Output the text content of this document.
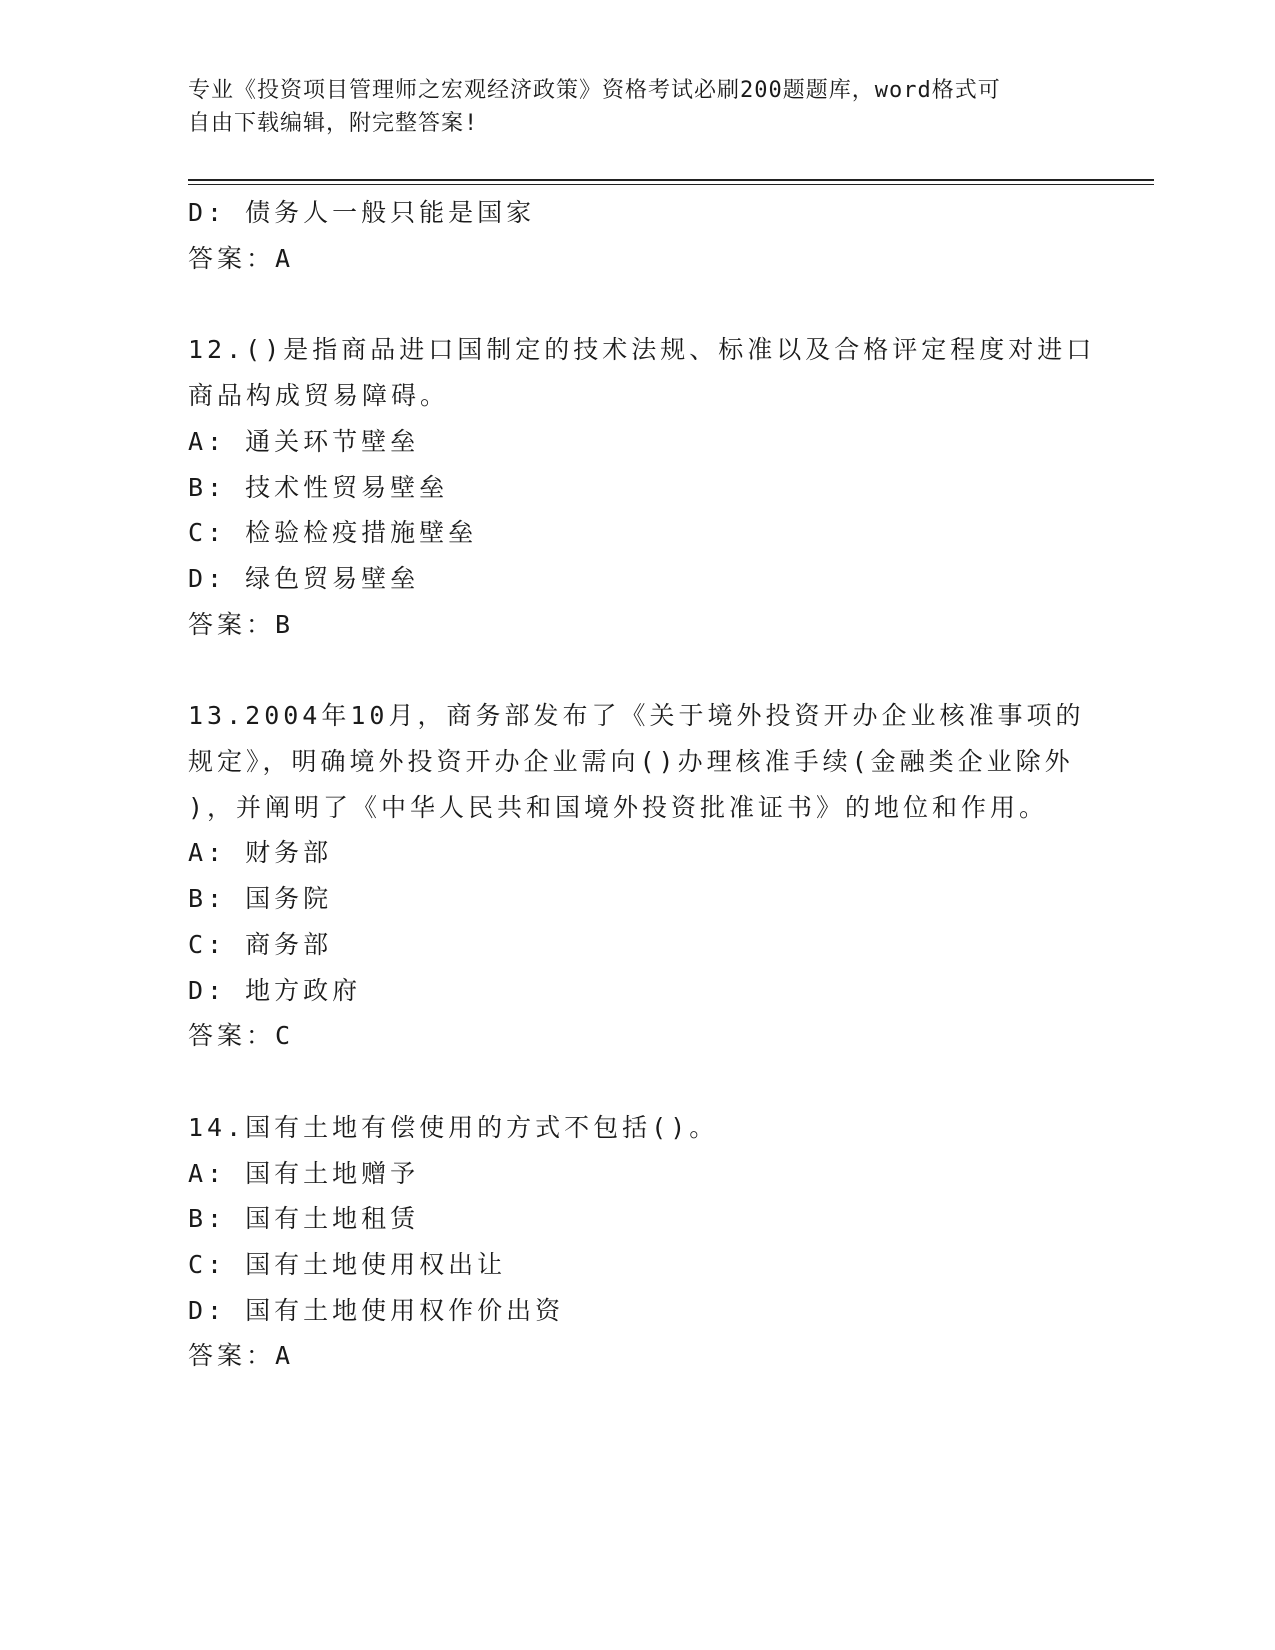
专业《投资项目管理师之宏观经济政策》资格考试必刷200题题库，word格式可
自由下载编辑，附完整答案!
D: 债务人一般只能是国家
答案：A
12.()是指商品进口国制定的技术法规、标准以及合格评定程度对进口
商品构成贸易障碍。
A: 通关环节壁垒
B: 技术性贸易壁垒
C: 检验检疫措施壁垒
D: 绿色贸易壁垒
答案：B
13.2004年10月，商务部发布了《关于境外投资开办企业核准事项的
规定》，明确境外投资开办企业需向()办理核准手续(金融类企业除外
)，并阐明了《中华人民共和国境外投资批准证书》的地位和作用。
A: 财务部
B: 国务院
C: 商务部
D: 地方政府
答案：C
14.国有土地有偿使用的方式不包括()。
A: 国有土地赠予
B: 国有土地租赁
C: 国有土地使用权出让
D: 国有土地使用权作价出资
答案：A
